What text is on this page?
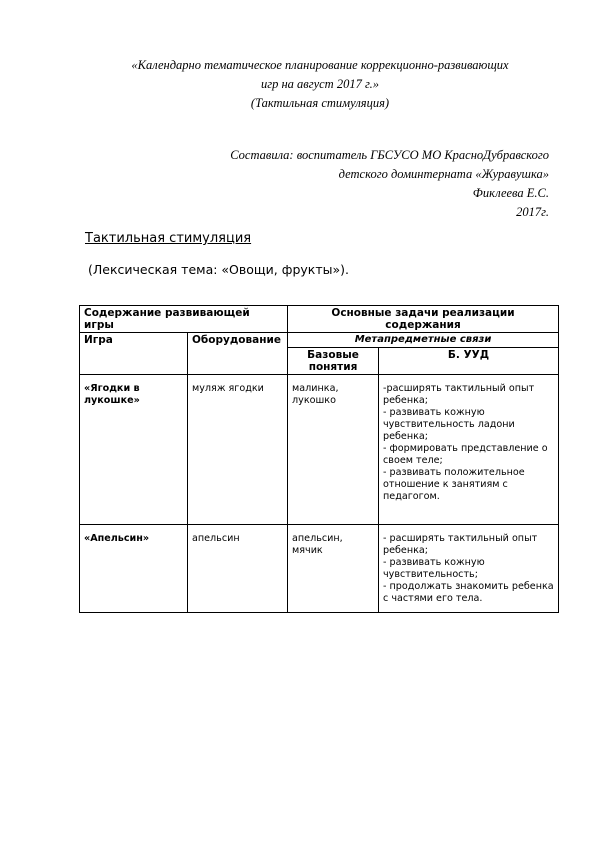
«Календарно тематическое планирование коррекционно-развивающих
игр на август 2017 г.»
(Тактильная стимуляция)
Составила: воспитатель ГБСУСО МО КрасноДубравского
детского доминтерната «Журавушка»
Фиклеева Е.С.
2017г.
Тактильная стимуляция
(Лексическая тема: «Овощи, фрукты»).
Содержание развивающей игры		Основные задачи реализации содержания	
Игра	Оборудование	Метапредметные связи	
		Базовые понятия	Б. УУД
«Ягодки в лукошке»	муляж ягодки	малинка, лукошко	-расширять тактильный опыт ребенка;
- развивать кожную чувствительность ладони ребенка;
- формировать представление о своем теле;
- развивать положительное отношение к занятиям с педагогом.
«Апельсин»	апельсин	апельсин, мячик	- расширять тактильный опыт ребенка;
- развивать кожную чувствительность;
- продолжать знакомить ребенка с частями его тела.
